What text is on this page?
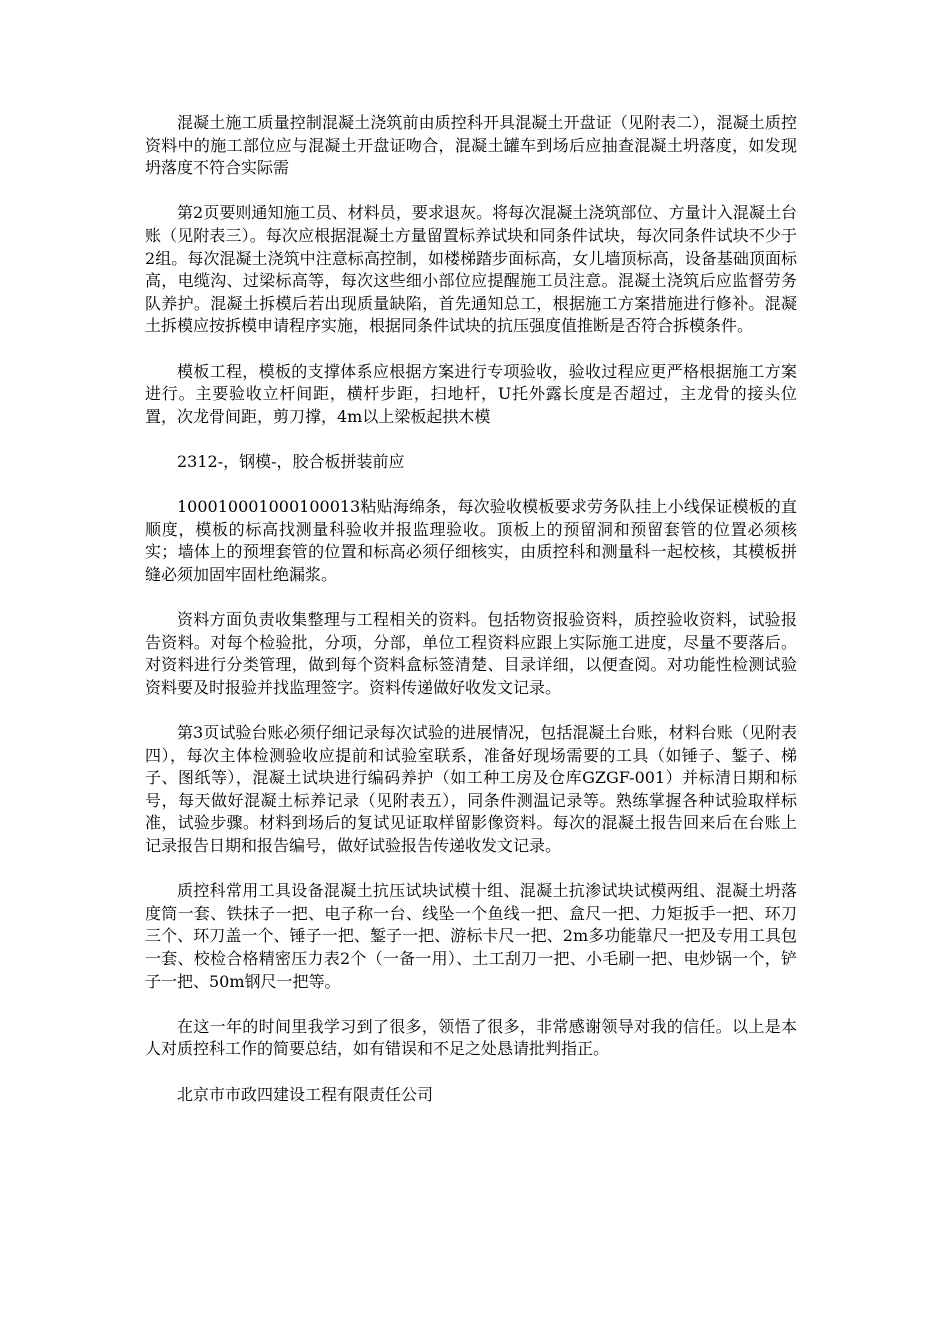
混凝土施工质量控制混凝土浇筑前由质控科开具混凝土开盘证（见附表二），混凝土质控资料中的施工部位应与混凝土开盘证吻合，混凝土罐车到场后应抽查混凝土坍落度，如发现坍落度不符合实际需

第2页要则通知施工员、材料员，要求退灰。将每次混凝土浇筑部位、方量计入混凝土台账（见附表三）。每次应根据混凝土方量留置标养试块和同条件试块，每次同条件试块不少于2组。每次混凝土浇筑中注意标高控制，如楼梯踏步面标高，女儿墙顶标高，设备基础顶面标高，电缆沟、过梁标高等，每次这些细小部位应提醒施工员注意。混凝土浇筑后应监督劳务队养护。混凝土拆模后若出现质量缺陷，首先通知总工，根据施工方案措施进行修补。混凝土拆模应按拆模申请程序实施，根据同条件试块的抗压强度值推断是否符合拆模条件。

模板工程，模板的支撑体系应根据方案进行专项验收，验收过程应更严格根据施工方案进行。主要验收立杆间距，横杆步距，扫地杆，U托外露长度是否超过，主龙骨的接头位置，次龙骨间距，剪刀撑，4m以上梁板起拱木模

2312-，钢模-，胶合板拼装前应

100010001000100013粘贴海绵条，每次验收模板要求劳务队挂上小线保证模板的直顺度，模板的标高找测量科验收并报监理验收。顶板上的预留洞和预留套管的位置必须核实；墙体上的预埋套管的位置和标高必须仔细核实，由质控科和测量科一起校核，其模板拼缝必须加固牢固杜绝漏浆。

资料方面负责收集整理与工程相关的资料。包括物资报验资料，质控验收资料，试验报告资料。对每个检验批，分项，分部，单位工程资料应跟上实际施工进度，尽量不要落后。对资料进行分类管理，做到每个资料盒标签清楚、目录详细，以便查阅。对功能性检测试验资料要及时报验并找监理签字。资料传递做好收发文记录。

第3页试验台账必须仔细记录每次试验的进展情况，包括混凝土台账，材料台账（见附表四），每次主体检测验收应提前和试验室联系，准备好现场需要的工具（如锤子、錾子、梯子、图纸等），混凝土试块进行编码养护（如工种工房及仓库GZGF-001）并标清日期和标号，每天做好混凝土标养记录（见附表五），同条件测温记录等。熟练掌握各种试验取样标准，试验步骤。材料到场后的复试见证取样留影像资料。每次的混凝土报告回来后在台账上记录报告日期和报告编号，做好试验报告传递收发文记录。

质控科常用工具设备混凝土抗压试块试模十组、混凝土抗渗试块试模两组、混凝土坍落度筒一套、铁抹子一把、电子称一台、线坠一个鱼线一把、盒尺一把、力矩扳手一把、环刀三个、环刀盖一个、锤子一把、錾子一把、游标卡尺一把、2m多功能靠尺一把及专用工具包一套、校检合格精密压力表2个（一备一用）、土工刮刀一把、小毛刷一把、电炒锅一个，铲子一把、50m钢尺一把等。

在这一年的时间里我学习到了很多，领悟了很多，非常感谢领导对我的信任。以上是本人对质控科工作的简要总结，如有错误和不足之处恳请批判指正。

北京市市政四建设工程有限责任公司
